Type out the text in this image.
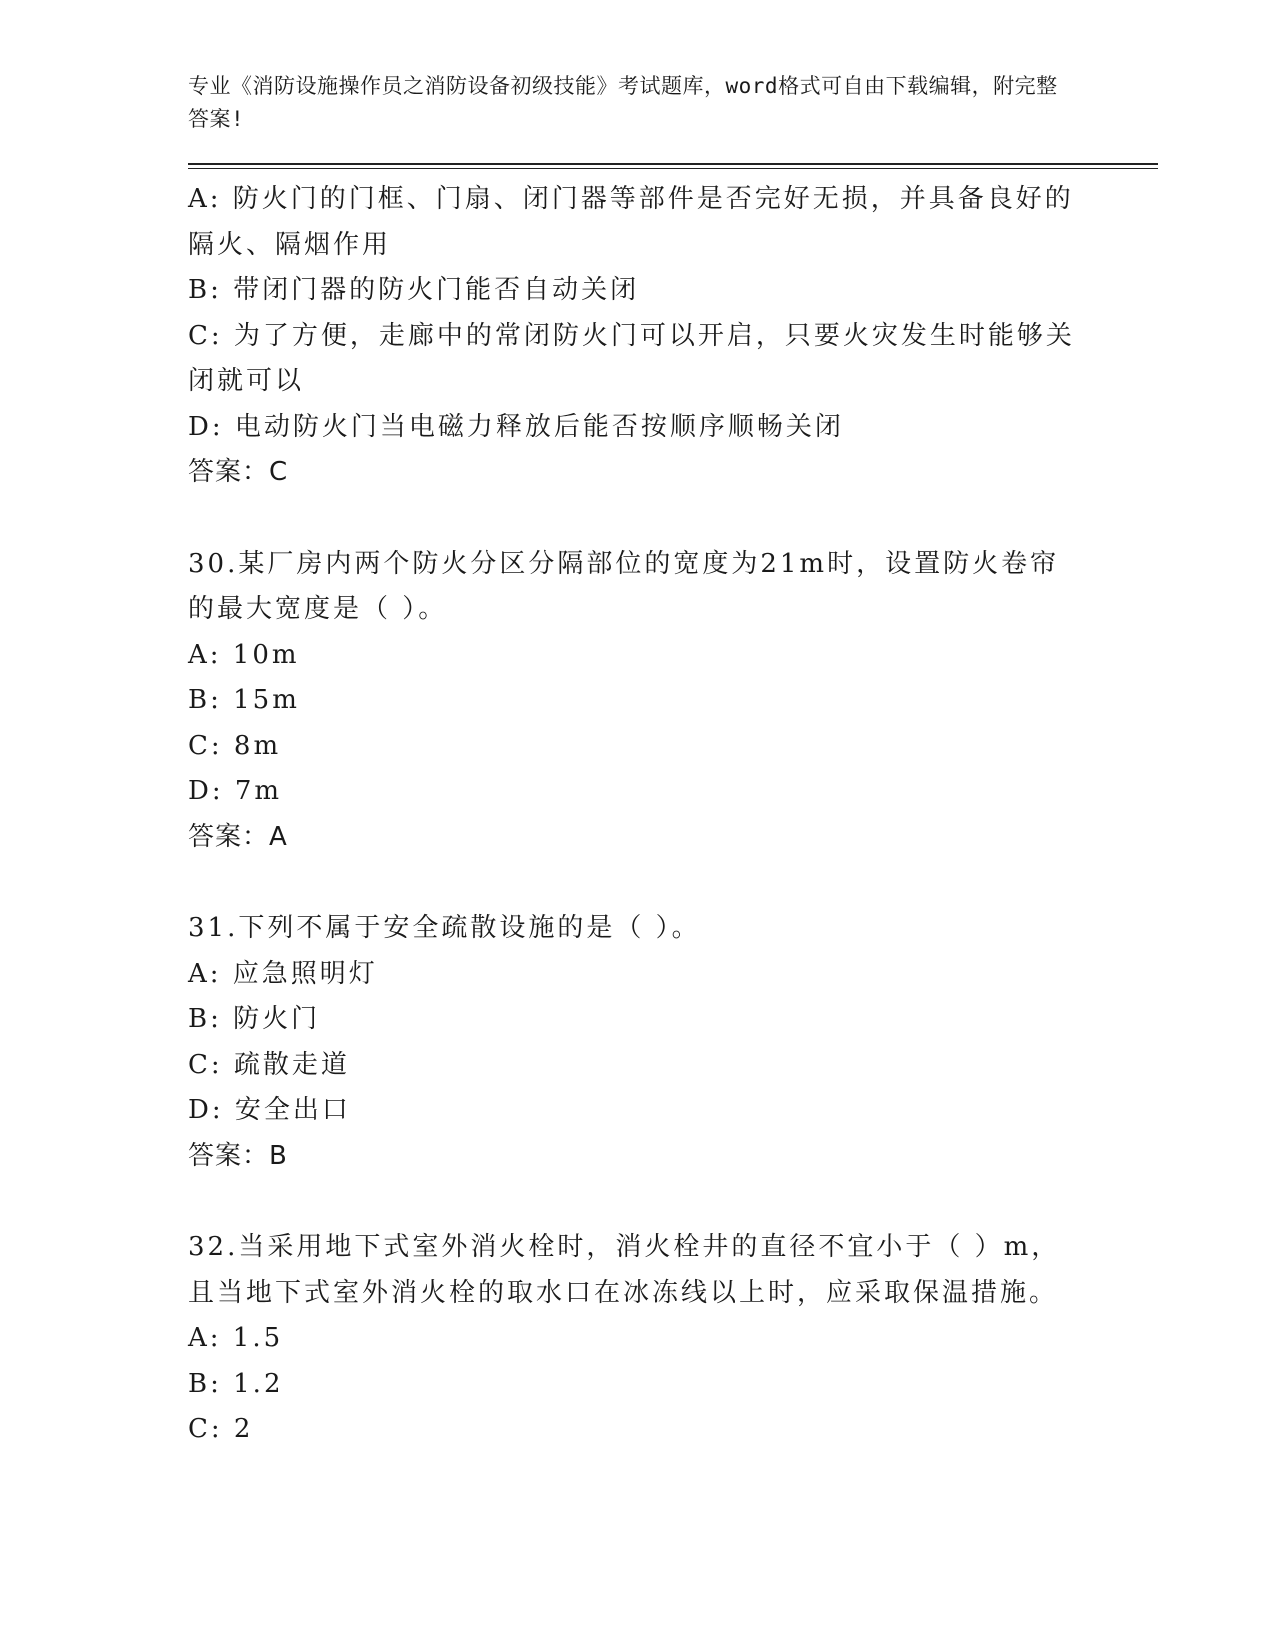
专业《消防设施操作员之消防设备初级技能》考试题库，word格式可自由下载编辑，附完整答案!

A: 防火门的门框、门扇、闭门器等部件是否完好无损，并具备良好的隔火、隔烟作用

B: 带闭门器的防火门能否自动关闭

C: 为了方便，走廊中的常闭防火门可以开启，只要火灾发生时能够关闭就可以

D: 电动防火门当电磁力释放后能否按顺序顺畅关闭

答案：C

30.某厂房内两个防火分区分隔部位的宽度为21m时，设置防火卷帘的最大宽度是（ ）。

A: 10m

B: 15m

C: 8m

D: 7m

答案：A

31.下列不属于安全疏散设施的是（ ）。

A: 应急照明灯

B: 防火门

C: 疏散走道

D: 安全出口

答案：B

32.当采用地下式室外消火栓时，消火栓井的直径不宜小于（ ）m，且当地下式室外消火栓的取水口在冰冻线以上时，应采取保温措施。

A: 1.5

B: 1.2

C: 2
